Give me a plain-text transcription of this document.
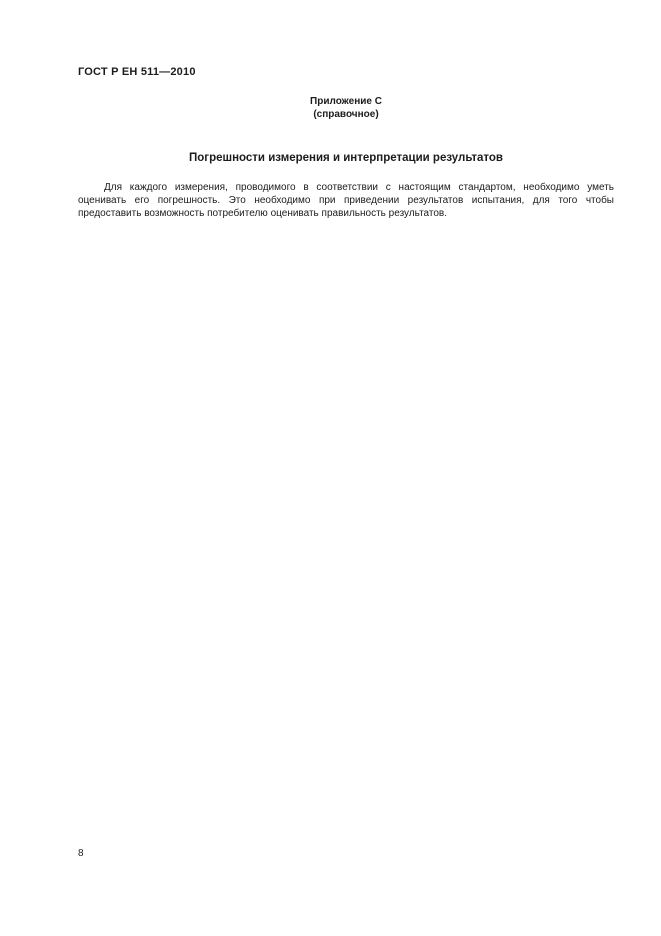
ГОСТ Р ЕН 511—2010
Приложение С
(справочное)
Погрешности измерения и интерпретации результатов
Для каждого измерения, проводимого в соответствии с настоящим стандартом, необходимо уметь оценивать его погрешность. Это необходимо при приведении результатов испытания, для того чтобы предоставить возможность потребителю оценивать правильность результатов.
8
